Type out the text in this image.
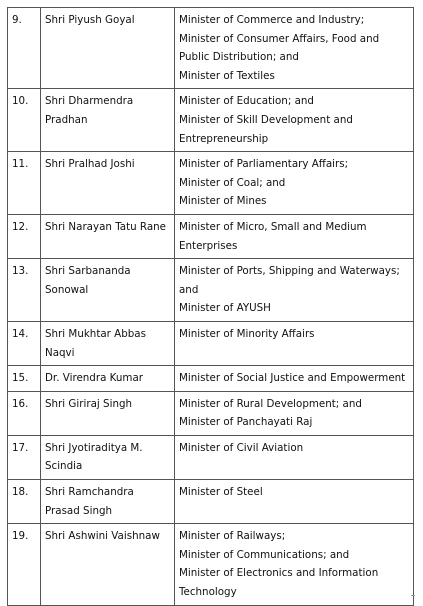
9.	Shri Piyush Goyal	Minister of Commerce and Industry;
Minister of Consumer Affairs, Food and Public Distribution; and
Minister of Textiles

10.	Shri Dharmendra Pradhan	Minister of Education; and
Minister of Skill Development and Entrepreneurship

11.	Shri Pralhad Joshi	Minister of Parliamentary Affairs;
Minister of Coal; and
Minister of Mines

12.	Shri Narayan Tatu Rane	Minister of Micro, Small and Medium Enterprises

13.	Shri Sarbananda Sonowal	Minister of Ports, Shipping and Waterways; and
Minister of AYUSH

14.	Shri Mukhtar Abbas Naqvi	Minister of Minority Affairs

15.	Dr. Virendra Kumar	Minister of Social Justice and Empowerment

16.	Shri Giriraj Singh	Minister of Rural Development; and
Minister of Panchayati Raj

17.	Shri Jyotiraditya M. Scindia	Minister of Civil Aviation

18.	Shri Ramchandra Prasad Singh	Minister of Steel

19.	Shri Ashwini Vaishnaw	Minister of Railways;
Minister of Communications; and
Minister of Electronics and Information Technology
